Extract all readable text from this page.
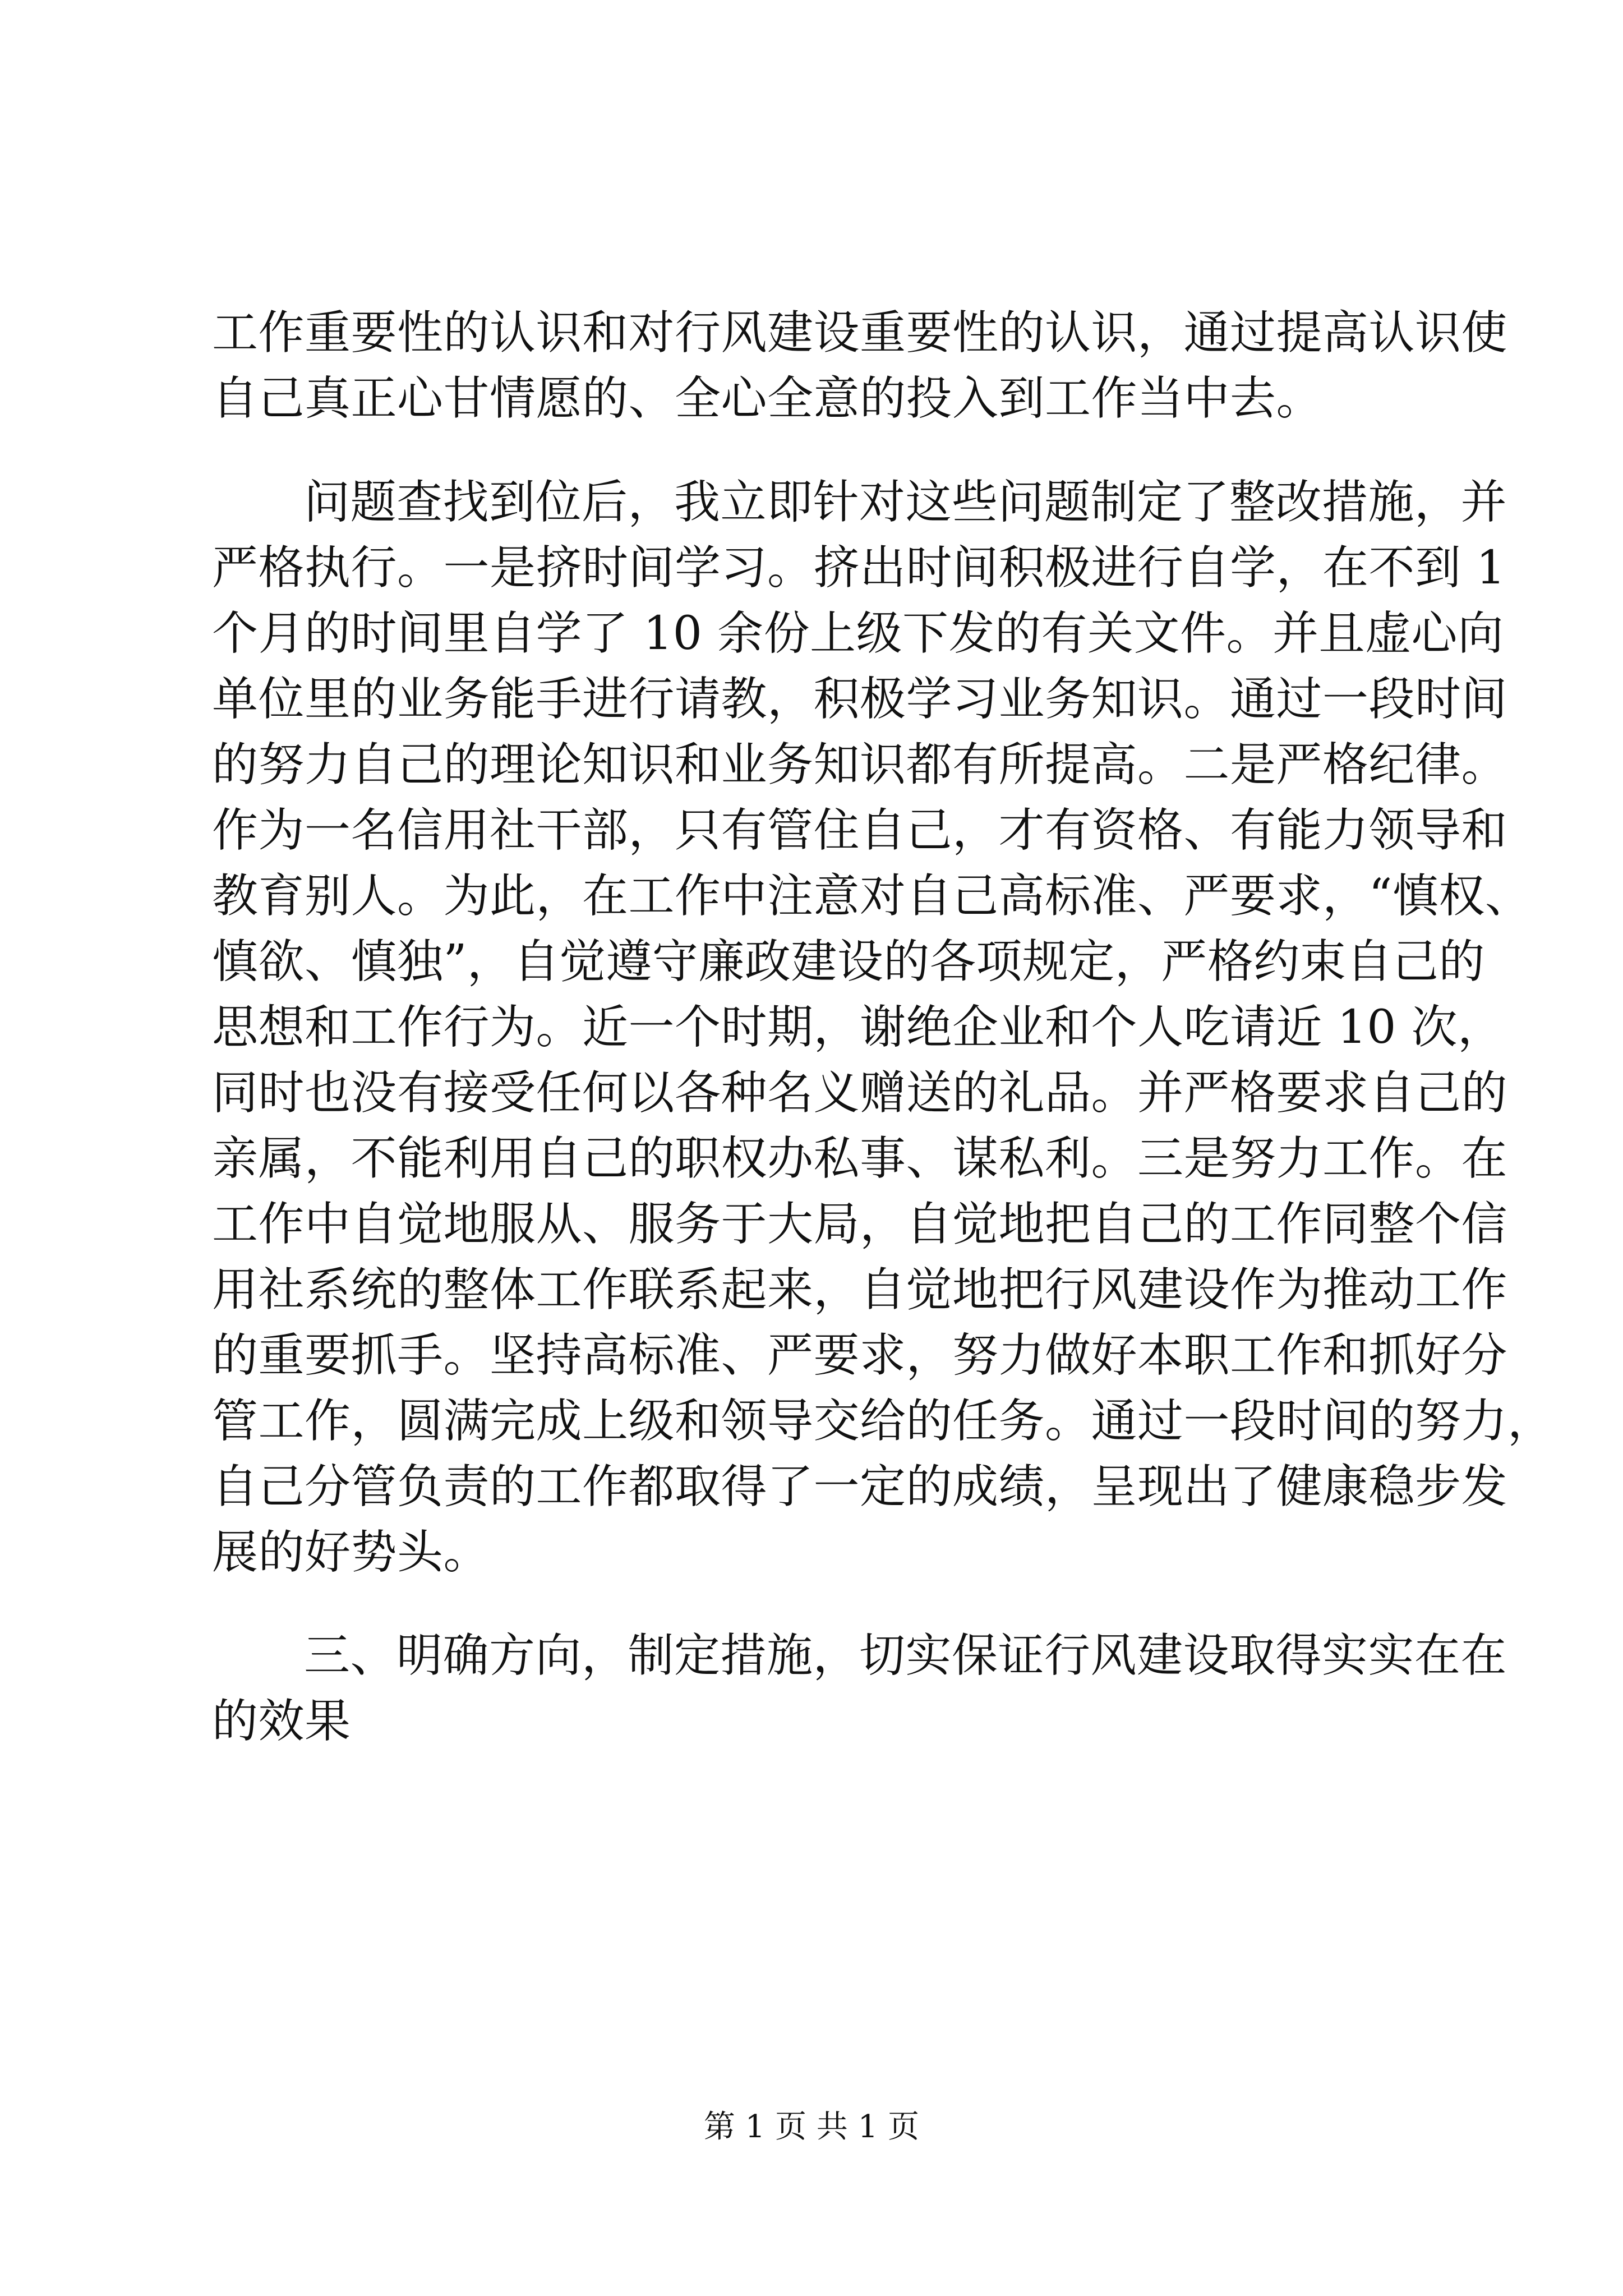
工作重要性的认识和对行风建设重要性的认识，通过提高认识使
自己真正心甘情愿的、全心全意的投入到工作当中去。
问题查找到位后，我立即针对这些问题制定了整改措施，并
严格执行。一是挤时间学习。挤出时间积极进行自学，在不到 1
个月的时间里自学了 10 余份上级下发的有关文件。并且虚心向
单位里的业务能手进行请教，积极学习业务知识。通过一段时间
的努力自己的理论知识和业务知识都有所提高。二是严格纪律。
作为一名信用社干部，只有管住自己，才有资格、有能力领导和
教育别人。为此，在工作中注意对自己高标准、严要求，“慎权、
慎欲、慎独”，自觉遵守廉政建设的各项规定，严格约束自己的
思想和工作行为。近一个时期，谢绝企业和个人吃请近 10 次，
同时也没有接受任何以各种名义赠送的礼品。并严格要求自己的
亲属，不能利用自己的职权办私事、谋私利。三是努力工作。在
工作中自觉地服从、服务于大局，自觉地把自己的工作同整个信
用社系统的整体工作联系起来，自觉地把行风建设作为推动工作
的重要抓手。坚持高标准、严要求，努力做好本职工作和抓好分
管工作，圆满完成上级和领导交给的任务。通过一段时间的努力，
自己分管负责的工作都取得了一定的成绩，呈现出了健康稳步发
展的好势头。
三、明确方向，制定措施，切实保证行风建设取得实实在在
的效果
第 1 页 共 1 页
